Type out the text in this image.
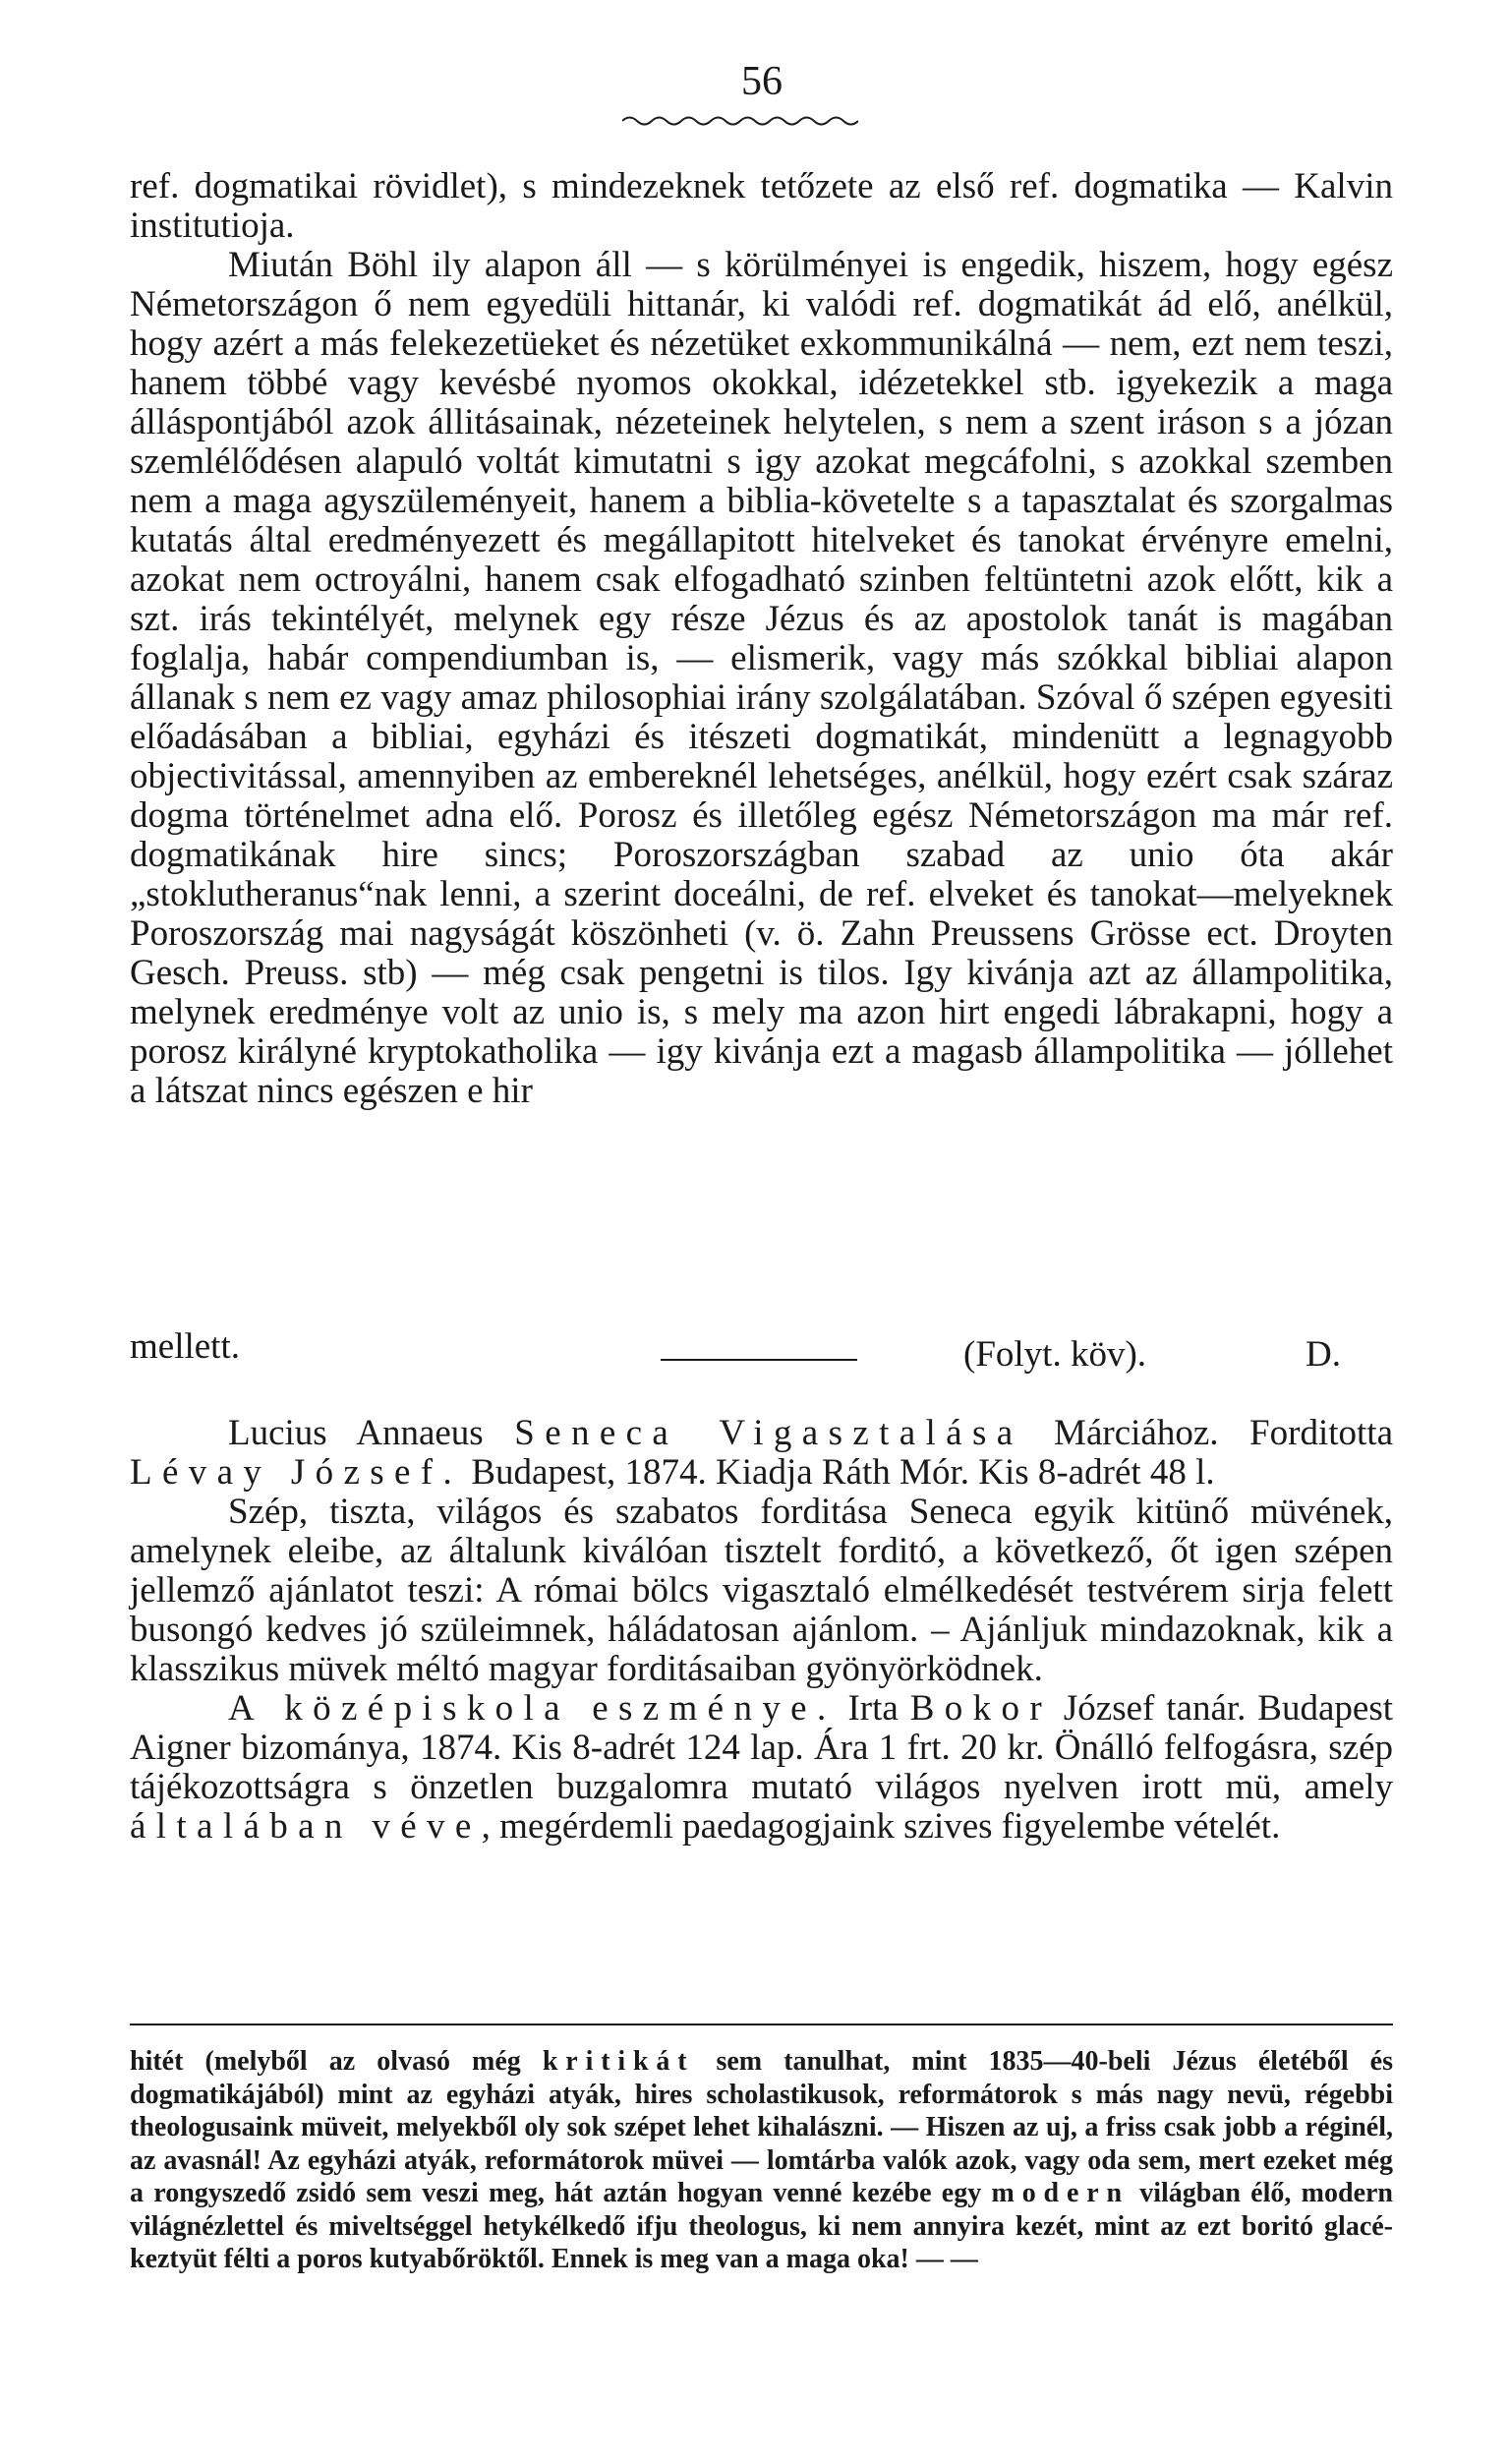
56

ref. dogmatikai rövidlet), s mindezeknek tetőzete az első ref. dogmatika — Kalvin institutioja.

Miután Böhl ily alapon áll — s körülményei is engedik, hiszem, hogy egész Németországon ő nem egyedüli hittanár, ki valódi ref. dogmatikát ád elő, anélkül, hogy azért a más felekezetüeket és nézetüket exkommunikálná — nem, ezt nem teszi, hanem többé vagy kevésbé nyomos okokkal, idézetekkel stb. igyekezik a maga álláspontjából azok állitásainak, nézeteinek helytelen, s nem a szent iráson s a józan szemlélődésen alapuló voltát kimutatni s igy azokat megcáfolni, s azokkal szemben nem a maga agyszüleményeit, hanem a biblia-követelte s a tapasztalat és szorgalmas kutatás által eredményezett és megállapitott hitelveket és tanokat érvényre emelni, azokat nem octroyálni, hanem csak elfogadható szinben feltüntetni azok előtt, kik a szt. irás tekintélyét, melynek egy része Jézus és az apostolok tanát is magában foglalja, habár compendiumban is, — elismerik, vagy más szókkal bibliai alapon állanak s nem ez vagy amaz philosophiai irány szolgálatában. Szóval ő szépen egyesiti előadásában a bibliai, egyházi és itészeti dogmatikát, mindenütt a legnagyobb objectivitással, amennyiben az embereknél lehetséges, anélkül, hogy ezért csak száraz dogma történelmet adna elő. Porosz és illetőleg egész Németországon ma már ref. dogmatikának hire sincs; Poroszországban szabad az unio óta akár „stoklutheranus“nak lenni, a szerint doceálni, de ref. elveket és tanokat—melyeknek Poroszország mai nagyságát köszönheti (v. ö. Zahn Preussens Grösse ect. Droyten Gesch. Preuss. stb) — még csak pengetni is tilos. Igy kivánja azt az állampolitika, melynek eredménye volt az unio is, s mely ma azon hirt engedi lábrakapni, hogy a porosz királyné kryptokatholika — igy kivánja ezt a magasb állampolitika — jóllehet a látszat nincs egészen e hir

mellett.	(Folyt. köv).	D.

Lucius Annaeus Seneca Vigasztalása Márciához. Forditotta Lévay József. Budapest, 1874. Kiadja Ráth Mór. Kis 8-adrét 48 l.

Szép, tiszta, világos és szabatos forditása Seneca egyik kitünő müvének, amelynek eleibe, az általunk kiválóan tisztelt forditó, a következő, őt igen szépen jellemző ajánlatot teszi: A római bölcs vigasztaló elmélkedését testvérem sirja felett busongó kedves jó szüleimnek, háládatosan ajánlom. – Ajánljuk mindazoknak, kik a klasszikus müvek méltó magyar forditásaiban gyönyörködnek.

A középiskola eszménye. Irta Bokor József tanár. Budapest Aigner bizománya, 1874. Kis 8-adrét 124 lap. Ára 1 frt. 20 kr. Önálló felfogásra, szép tájékozottságra s önzetlen buzgalomra mutató világos nyelven irott mü, amely általában véve, megérdemli paedagogjaink szives figyelembe vételét.

hitét (melyből az olvasó még kritikát sem tanulhat, mint 1835—40-beli Jézus életéből és dogmatikájából) mint az egyházi atyák, hires scholastikusok, reformátorok s más nagy nevü, régebbi theologusaink müveit, melyekből oly sok szépet lehet kihalászni. — Hiszen az uj, a friss csak jobb a réginél, az avasnál! Az egyházi atyák, reformátorok müvei — lomtárba valók azok, vagy oda sem, mert ezeket még a rongyszedő zsidó sem veszi meg, hát aztán hogyan venné kezébe egy modern világban élő, modern világnézlettel és miveltséggel hetykélkedő ifju theologus, ki nem annyira kezét, mint az ezt boritó glacé-keztyüt félti a poros kutyabőröktől. Ennek is meg van a maga oka! — —
